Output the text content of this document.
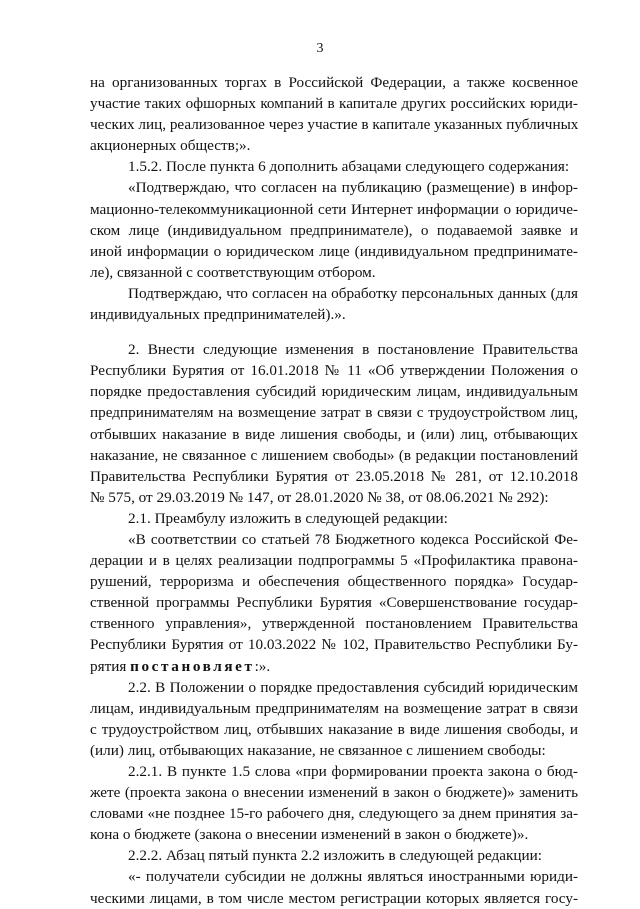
3
на организованных торгах в Российской Федерации, а также косвенное
участие таких офшорных компаний в капитале других российских юриди-
ческих лиц, реализованное через участие в капитале указанных публичных
акционерных обществ;».
1.5.2. После пункта 6 дополнить абзацами следующего содержания:
«Подтверждаю, что согласен на публикацию (размещение) в инфор-
мационно-телекоммуникационной сети Интернет информации о юридиче-
ском лице (индивидуальном предпринимателе), о подаваемой заявке и
иной информации о юридическом лице (индивидуальном предпринимате-
ле), связанной с соответствующим отбором.
Подтверждаю, что согласен на обработку персональных данных (для
индивидуальных предпринимателей).».
2. Внести следующие изменения в постановление Правительства
Республики Бурятия от 16.01.2018 № 11 «Об утверждении Положения о
порядке предоставления субсидий юридическим лицам, индивидуальным
предпринимателям на возмещение затрат в связи с трудоустройством лиц,
отбывших наказание в виде лишения свободы, и (или) лиц, отбывающих
наказание, не связанное с лишением свободы» (в редакции постановлений
Правительства Республики Бурятия от 23.05.2018 № 281, от 12.10.2018
№ 575, от 29.03.2019 № 147, от 28.01.2020 № 38, от 08.06.2021 № 292):
2.1. Преамбулу изложить в следующей редакции:
«В соответствии со статьей 78 Бюджетного кодекса Российской Фе-
дерации и в целях реализации подпрограммы 5 «Профилактика правона-
рушений, терроризма и обеспечения общественного порядка» Государ-
ственной программы Республики Бурятия «Совершенствование государ-
ственного управления», утвержденной постановлением Правительства
Республики Бурятия от 10.03.2022 № 102, Правительство Республики Бу-
рятия постановляет:».
2.2. В Положении о порядке предоставления субсидий юридическим
лицам, индивидуальным предпринимателям на возмещение затрат в связи
с трудоустройством лиц, отбывших наказание в виде лишения свободы, и
(или) лиц, отбывающих наказание, не связанное с лишением свободы:
2.2.1. В пункте 1.5 слова «при формировании проекта закона о бюд-
жете (проекта закона о внесении изменений в закон о бюджете)» заменить
словами «не позднее 15-го рабочего дня, следующего за днем принятия за-
кона о бюджете (закона о внесении изменений в закон о бюджете)».
2.2.2. Абзац пятый пункта 2.2 изложить в следующей редакции:
«- получатели субсидии не должны являться иностранными юриди-
ческими лицами, в том числе местом регистрации которых является госу-
